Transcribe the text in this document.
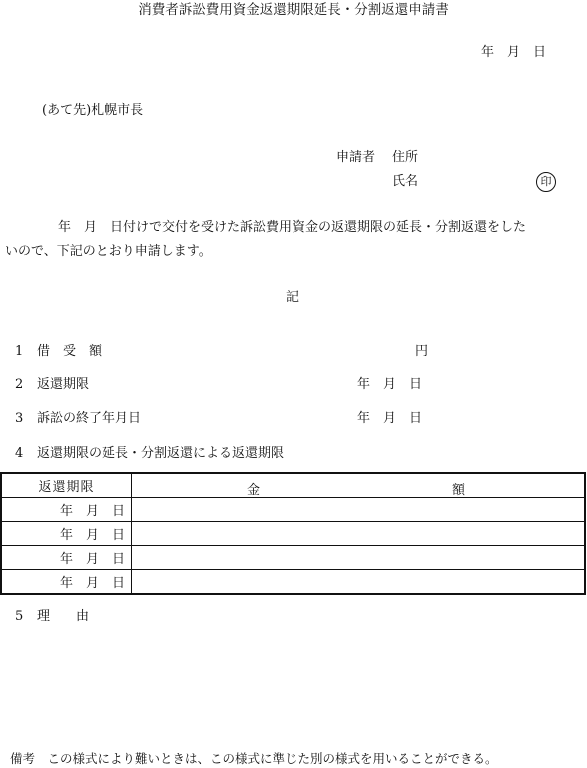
消費者訴訟費用資金返還期限延長・分割返還申請書
年　月　日
(あて先)札幌市長
申請者 住所
氏名	印
年　月　日付けで交付を受けた訴訟費用資金の返還期限の延長・分割返還をした
いので、下記のとおり申請します。
記
1 借　受　額	円
2 返還期限	年　月　日
3 訴訟の終了年月日	年　月　日
4 返還期限の延長・分割返還による返還期限
返還期限	金 額

年　月　日	
年　月　日	
年　月　日	
年　月　日	
5 理　　由
備考　この様式により難いときは、この様式に準じた別の様式を用いることができる。
